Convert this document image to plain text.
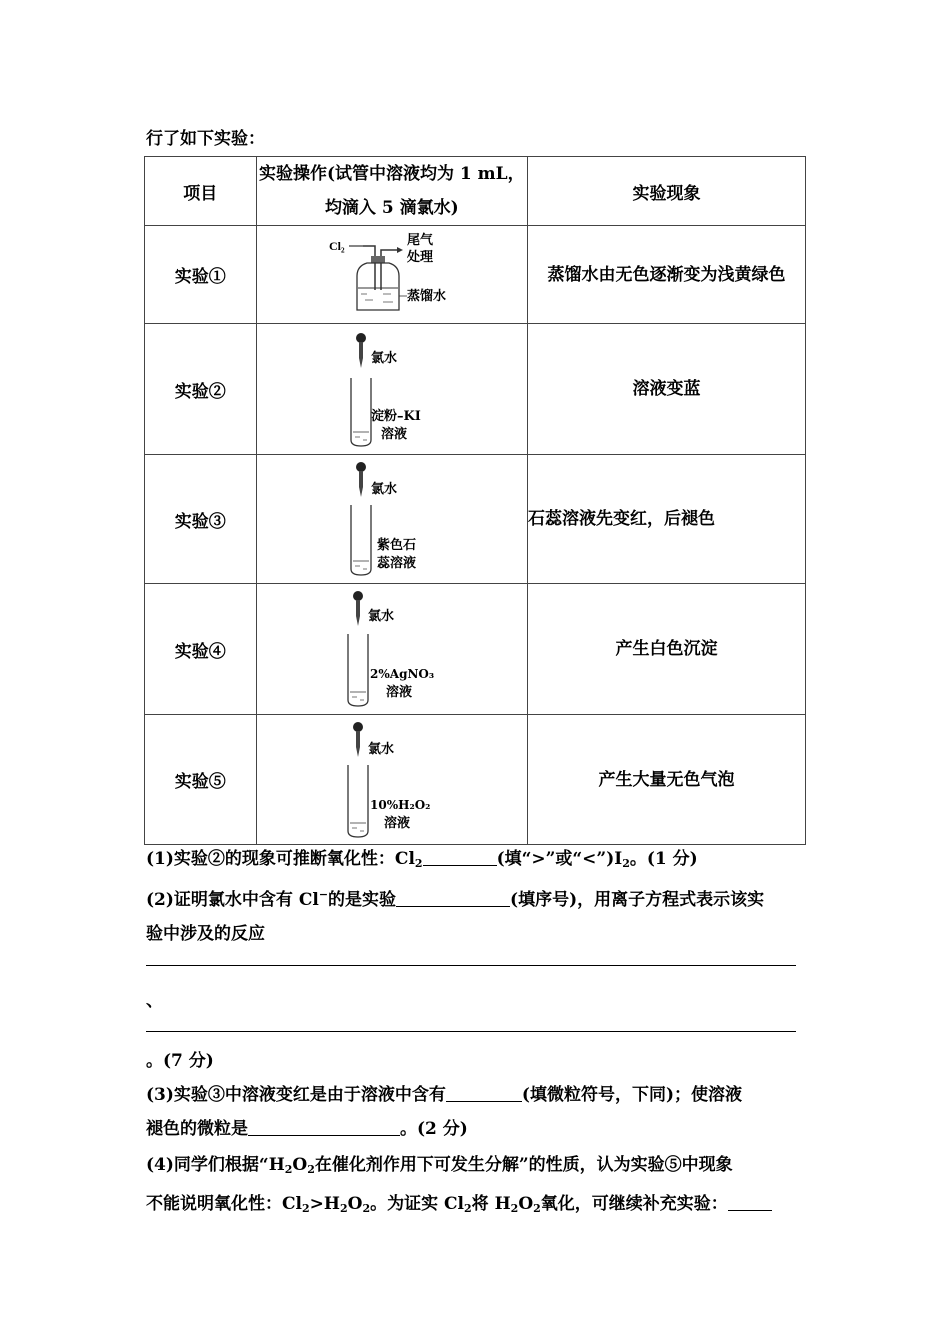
行了如下实验：
项目	实验操作(试管中溶液均为 1 mL，均滴入 5 滴氯水)	实验现象
实验①	Cl₂ 尾气
处理
蒸馏水	蒸馏水由无色逐渐变为浅黄绿色
实验②	氯水
淀粉–KI
溶液	溶液变蓝
实验③	氯水
紫色石
蕊溶液	石蕊溶液先变红，后褪色
实验④	氯水
2%AgNO₃
溶液	产生白色沉淀
实验⑤	氯水
10%H₂O₂
溶液	产生大量无色气泡
(1)实验②的现象可推断氧化性：$Cl_2$	(填“>”或“$<”)I_2$。(1 分)
(2)证明氯水中含有 Cl−的是实验	(填序号)，用离子方程式表示该实
验中涉及的反应
、
。(7 分)
(3)实验③中溶液变红是由于溶液中含有	(填微粒符号，下同)；使溶液
褪色的微粒是	。(2 分)
(4)同学们根据“$H_2O_2$在催化剂作用下可发生分解”的性质，认为实验⑤中现象
不能说明氧化性：$Cl_2>H_2O_2$。为证实 $Cl_2$将 $H_2O_2$氧化，可继续补充实验：
